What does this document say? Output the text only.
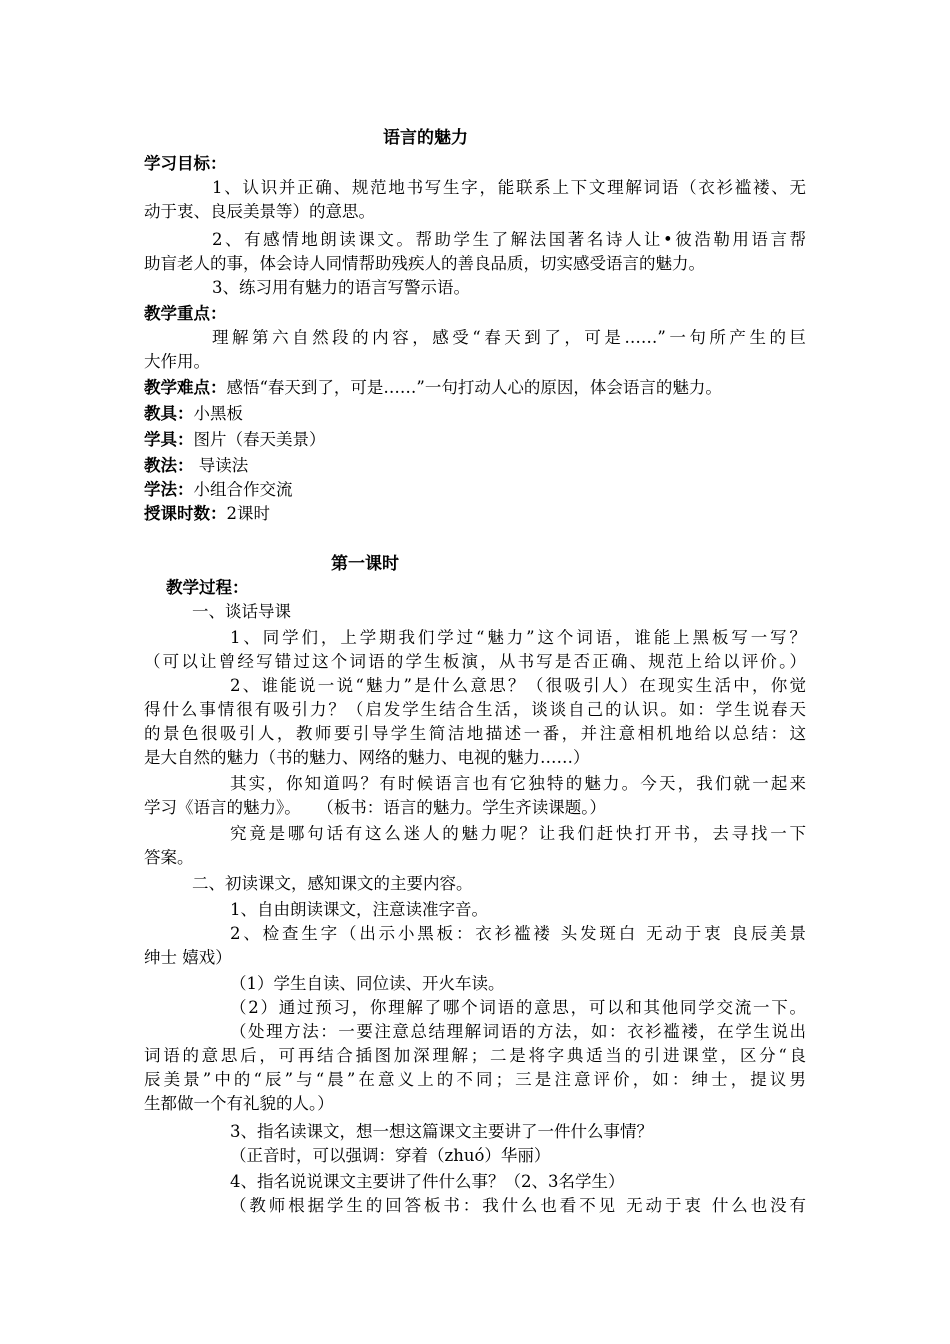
语言的魅力
学习目标：
1、认识并正确、规范地书写生字，能联系上下文理解词语（衣衫褴褛、无
动于衷、良辰美景等）的意思。
2、有感情地朗读课文。帮助学生了解法国著名诗人让•彼浩勒用语言帮
助盲老人的事，体会诗人同情帮助残疾人的善良品质，切实感受语言的魅力。
3、练习用有魅力的语言写警示语。
教学重点：
理解第六自然段的内容，感受“春天到了，可是……”一句所产生的巨
大作用。
教学难点：感悟“春天到了，可是……”一句打动人心的原因，体会语言的魅力。
教具：小黑板
学具：图片（春天美景）
教法： 导读法
学法：小组合作交流
授课时数：2课时
第一课时
教学过程：
一、谈话导课
1、同学们，上学期我们学过“魅力”这个词语，谁能上黑板写一写？
（可以让曾经写错过这个词语的学生板演，从书写是否正确、规范上给以评价。）
2、谁能说一说“魅力”是什么意思？（很吸引人）在现实生活中，你觉
得什么事情很有吸引力？（启发学生结合生活，谈谈自己的认识。如：学生说春天
的景色很吸引人，教师要引导学生简洁地描述一番，并注意相机地给以总结：这
是大自然的魅力（书的魅力、网络的魅力、电视的魅力……）
其实，你知道吗？有时候语言也有它独特的魅力。今天，我们就一起来
学习《语言的魅力》。　　（板书：语言的魅力。学生齐读课题。）
究竟是哪句话有这么迷人的魅力呢？让我们赶快打开书，去寻找一下
答案。
二、初读课文，感知课文的主要内容。
1、自由朗读课文，注意读准字音。
2、检查生字（出示小黑板：衣衫褴褛 头发斑白 无动于衷 良辰美景
绅士 嬉戏）
（1）学生自读、同位读、开火车读。
（2）通过预习，你理解了哪个词语的意思，可以和其他同学交流一下。
（处理方法：一要注意总结理解词语的方法，如：衣衫褴褛，在学生说出
词语的意思后，可再结合插图加深理解；二是将字典适当的引进课堂，区分“良
辰美景”中的“辰”与“晨”在意义上的不同；三是注意评价，如：绅士，提议男
生都做一个有礼貌的人。）
3、指名读课文，想一想这篇课文主要讲了一件什么事情？
（正音时，可以强调：穿着（zhuó）华丽）
4、指名说说课文主要讲了件什么事？（2、3名学生）
（教师根据学生的回答板书：我什么也看不见 无动于衷 什么也没有
